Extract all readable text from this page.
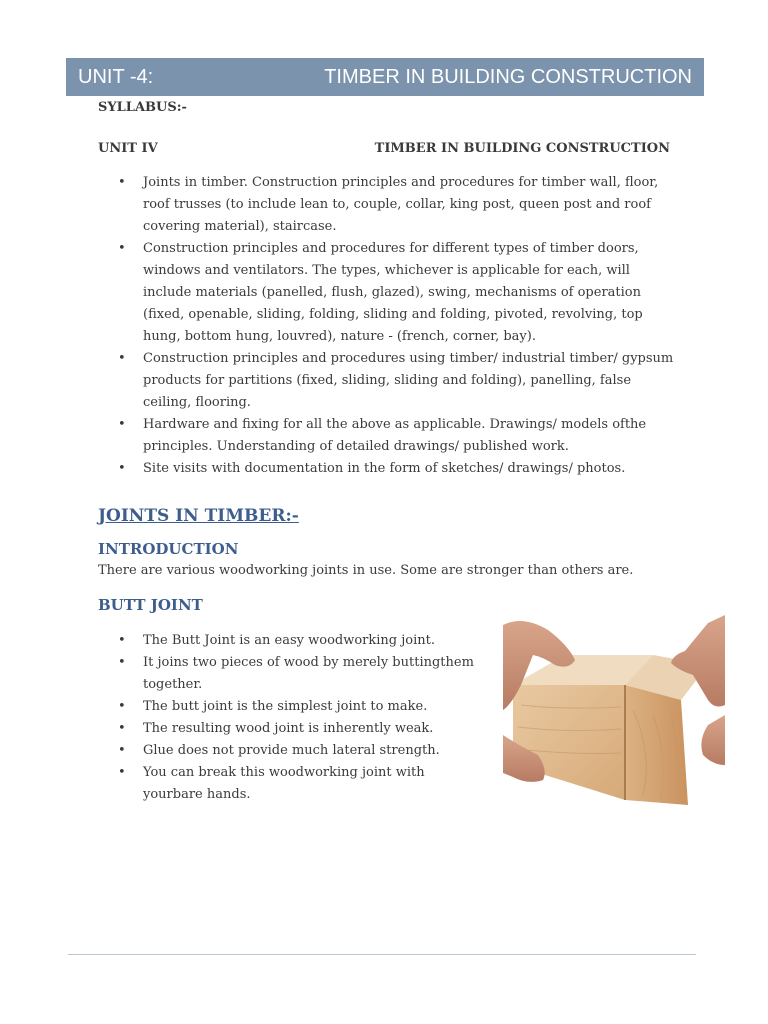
UNIT -4:	TIMBER IN BUILDING CONSTRUCTION
SYLLABUS:-
UNIT IV	TIMBER IN BUILDING CONSTRUCTION
• Joints in timber. Construction principles and procedures for timber wall, floor, roof trusses (to include lean to, couple, collar, king post, queen post and roof covering material), staircase.
• Construction principles and procedures for different types of timber doors, windows and ventilators. The types, whichever is applicable for each, will include materials (panelled, flush, glazed), swing, mechanisms of operation (fixed, openable, sliding, folding, sliding and folding, pivoted, revolving, top hung, bottom hung, louvred), nature - (french, corner, bay).
• Construction principles and procedures using timber/ industrial timber/ gypsum products for partitions (fixed, sliding, sliding and folding), panelling, false ceiling, flooring.
• Hardware and fixing for all the above as applicable. Drawings/ models ofthe principles. Understanding of detailed drawings/ published work.
• Site visits with documentation in the form of sketches/ drawings/ photos.
JOINTS IN TIMBER:-
INTRODUCTION
There are various woodworking joints in use. Some are stronger than others are.
BUTT JOINT
• The Butt Joint is an easy woodworking joint.
• It joins two pieces of wood by merely buttingthem together.
• The butt joint is the simplest joint to make.
• The resulting wood joint is inherently weak.
• Glue does not provide much lateral strength.
• You can break this woodworking joint with yourbare hands.
